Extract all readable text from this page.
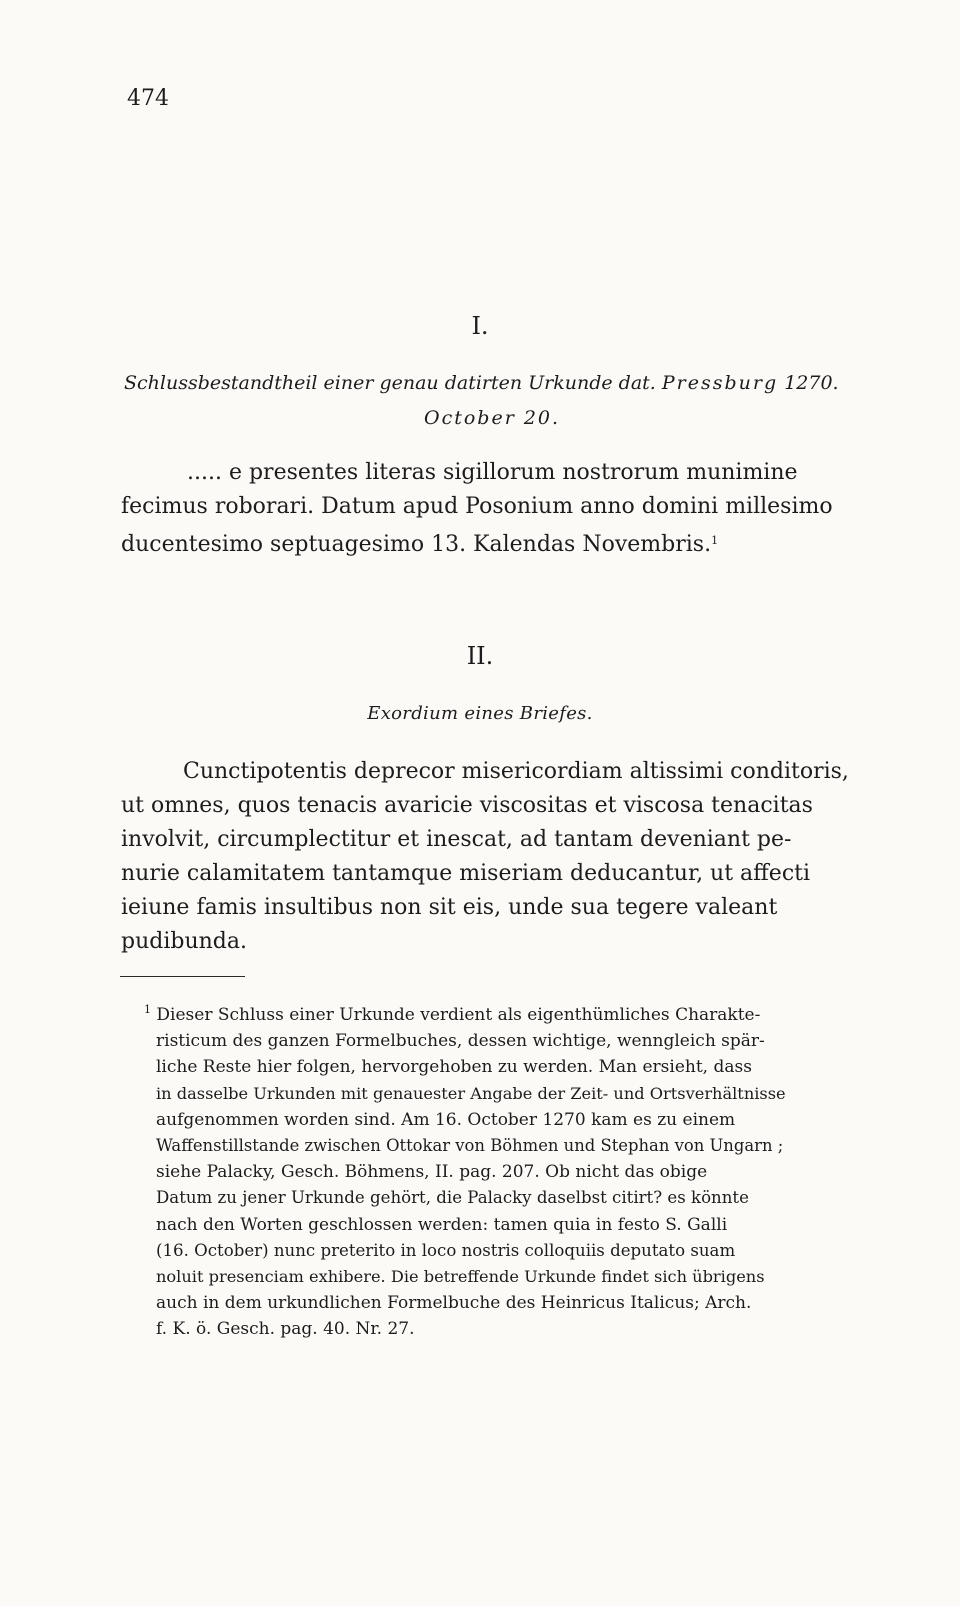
474
I.
Schlussbestandtheil einer genau datirten Urkunde dat. Pressburg 1270.
October 20.
..... e presentes literas sigillorum nostrorum munimine
fecimus roborari. Datum apud Posonium anno domini millesimo
ducentesimo septuagesimo 13. Kalendas Novembris.$^1$
II.
Exordium eines Briefes.
Cunctipotentis deprecor misericordiam altissimi conditoris,
ut omnes, quos tenacis avaricie viscositas et viscosa tenacitas
involvit, circumplectitur et inescat, ad tantam deveniant pe-
nurie calamitatem tantamque miseriam deducantur, ut affecti
ieiune famis insultibus non sit eis, unde sua tegere valeant
pudibunda.
$^1$ Dieser Schluss einer Urkunde verdient als eigenthümliches Charakte-
risticum des ganzen Formelbuches, dessen wichtige, wenngleich spär-
liche Reste hier folgen, hervorgehoben zu werden. Man ersieht, dass
in dasselbe Urkunden mit genauester Angabe der Zeit- und Ortsverhältnisse
aufgenommen worden sind. Am 16. October 1270 kam es zu einem
Waffenstillstande zwischen Ottokar von Böhmen und Stephan von Ungarn ;
siehe Palacky, Gesch. Böhmens, II. pag. 207. Ob nicht das obige
Datum zu jener Urkunde gehört, die Palacky daselbst citirt? es könnte
nach den Worten geschlossen werden: tamen quia in festo S. Galli
(16. October) nunc preterito in loco nostris colloquiis deputato suam
noluit presenciam exhibere. Die betreffende Urkunde findet sich übrigens
auch in dem urkundlichen Formelbuche des Heinricus Italicus; Arch.
f. K. ö. Gesch. pag. 40. Nr. 27.
